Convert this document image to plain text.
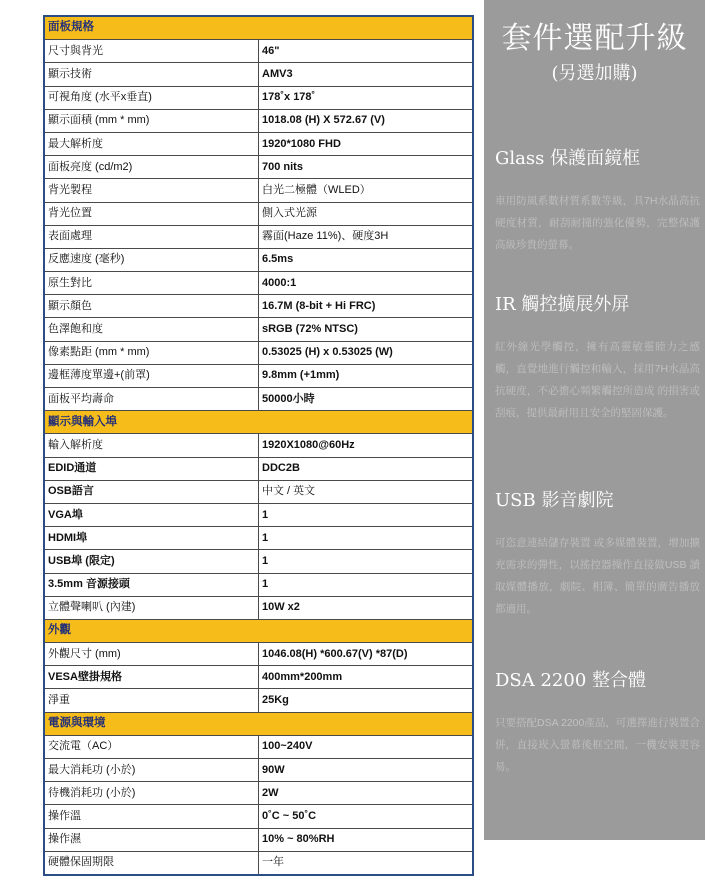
面板規格	
尺寸與背光	46"
顯示技術	AMV3
可視角度 (水平x垂直)	178˚x 178˚
顯示面積 (mm * mm)	1018.08 (H) X 572.67 (V)
最大解析度	1920*1080 FHD
面板亮度 (cd/m2)	700 nits
背光製程	白光二極體（WLED）
背光位置	側入式光源
表面處理	霧面(Haze 11%)、硬度3H
反應速度 (毫秒)	6.5ms
原生對比	4000:1
顯示顏色	16.7M (8-bit + Hi FRC)
色澤飽和度	sRGB (72% NTSC)
像素點距 (mm * mm)	0.53025 (H) x 0.53025 (W)
邊框薄度單邊+(前罩)	9.8mm (+1mm)
面板平均壽命	50000小時
顯示與輸入埠	
輸入解析度	1920X1080@60Hz
EDID通道	DDC2B
OSB語言	中文 / 英文
VGA埠	1
HDMI埠	1
USB埠 (限定)	1
3.5mm 音源接頭	1
立體聲喇叭 (內建)	10W x2
外觀	
外觀尺寸 (mm)	1046.08(H) *600.67(V) *87(D)
VESA壁掛規格	400mm*200mm
淨重	25Kg
電源與環境	
交流電（AC）	100~240V
最大消耗功 (小於)	90W
待機消耗功 (小於)	2W
操作溫	0˚C ~ 50˚C
操作濕	10% ~ 80%RH
硬體保固期限	一年
套件選配升級
(另選加購)
Glass 保護面鏡框

車用防風系數材質系數等級，具7H水晶高抗硬度材質，耐刮耐撞的強化優勢，完整保護高級珍貴的螢幕。

IR 觸控擴展外屏

紅外線光學觸控，擁有高靈敏靈睦力之感觸，直覺地進行觸控和輸入，採用7H水晶高抗硬度，不必擔心頻繁觸控所造成 的損害或刮痕，提供最耐用且安全的堅固保護。

USB 影音劇院

可恣意連結儲存裝置 或多媒體裝置，增加擴充需求的彈性，以搖控器操作直接做USB 讀取媒體播放，劇院、相簿、簡單的廣告播放都適用。

DSA 2200 整合體

只要搭配DSA 2200產品，可選擇進行裝置合併，直接崁入螢幕後框空間，一機安裝更容易。
